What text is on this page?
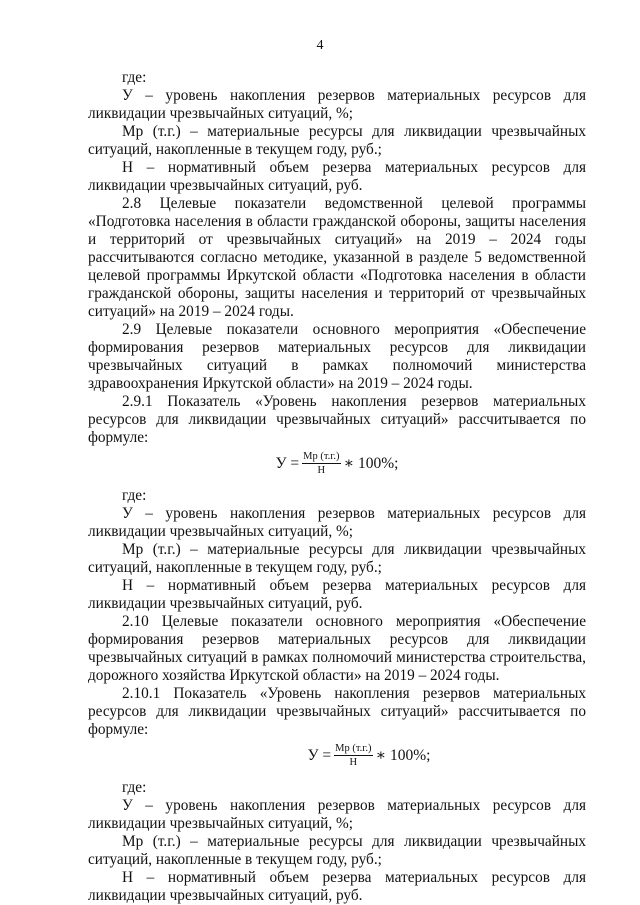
4

где:

У – уровень накопления резервов материальных ресурсов для ликвидации чрезвычайных ситуаций, %;

Мр (т.г.) – материальные ресурсы для ликвидации чрезвычайных ситуаций, накопленные в текущем году, руб.;

Н – нормативный объем резерва материальных ресурсов для ликвидации чрезвычайных ситуаций, руб.

2.8 Целевые показатели ведомственной целевой программы «Подготовка населения в области гражданской обороны, защиты населения и территорий от чрезвычайных ситуаций» на 2019 – 2024 годы рассчитываются согласно методике, указанной в разделе 5 ведомственной целевой программы Иркутской области «Подготовка населения в области гражданской обороны, защиты населения и территорий от чрезвычайных ситуаций» на 2019 – 2024 годы.

2.9 Целевые показатели основного мероприятия «Обеспечение формирования резервов материальных ресурсов для ликвидации чрезвычайных ситуаций в рамках полномочий министерства здравоохранения Иркутской области» на 2019 – 2024 годы.

2.9.1 Показатель «Уровень накопления резервов материальных ресурсов для ликвидации чрезвычайных ситуаций» рассчитывается по формуле:

$У = \frac{Мр (т.г.)}{Н}$ ∗ 100%;

где:

У – уровень накопления резервов материальных ресурсов для ликвидации чрезвычайных ситуаций, %;

Мр (т.г.) – материальные ресурсы для ликвидации чрезвычайных ситуаций, накопленные в текущем году, руб.;

Н – нормативный объем резерва материальных ресурсов для ликвидации чрезвычайных ситуаций, руб.

2.10 Целевые показатели основного мероприятия «Обеспечение формирования резервов материальных ресурсов для ликвидации чрезвычайных ситуаций в рамках полномочий министерства строительства, дорожного хозяйства Иркутской области» на 2019 – 2024 годы.

2.10.1 Показатель «Уровень накопления резервов материальных ресурсов для ликвидации чрезвычайных ситуаций» рассчитывается по формуле:

$У = \frac{Мр (т.г.)}{Н}$ ∗ 100%;

где:

У – уровень накопления резервов материальных ресурсов для ликвидации чрезвычайных ситуаций, %;

Мр (т.г.) – материальные ресурсы для ликвидации чрезвычайных ситуаций, накопленные в текущем году, руб.;

Н – нормативный объем резерва материальных ресурсов для ликвидации чрезвычайных ситуаций, руб.
